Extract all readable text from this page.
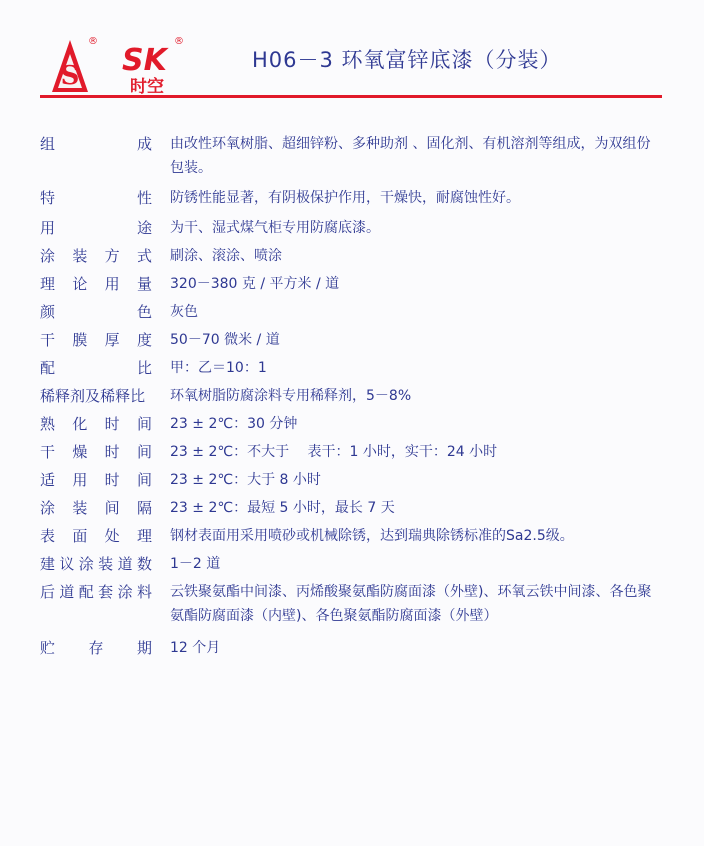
S
®
SK
®
时空
H06－3 环氧富锌底漆（分装）
组	成 由改性环氧树脂、超细锌粉、多种助剂 、固化剂、有机溶剂等组成，为双组份包装。
特	性 防锈性能显著，有阴极保护作用，干燥快，耐腐蚀性好。
用	途 为干、湿式煤气柜专用防腐底漆。
涂 装 方 式 刷涂、滚涂、喷涂
理 论 用 量 320－380 克 / 平方米 / 道
颜	色 灰色
干 膜 厚 度 50－70 微米 / 道
配	比 甲：乙＝10：1
稀 释 剂 及 稀 释 比 环氧树脂防腐涂料专用稀释剂，5－8%
熟 化 时 间 23 ± 2℃：30 分钟
干 燥 时 间 23 ± 2℃：不大于　 表干：1 小时，实干：24 小时
适 用 时 间 23 ± 2℃：大于 8 小时
涂 装 间 隔 23 ± 2℃：最短 5 小时，最长 7 天
表 面 处 理 钢材表面用采用喷砂或机械除锈，达到瑞典除锈标准的Sa2.5级。
建 议 涂 装 道 数 1－2 道
后 道 配 套 涂 料 云铁聚氨酯中间漆、丙烯酸聚氨酯防腐面漆（外壁)、环氧云铁中间漆、各色聚氨酯防腐面漆（内壁)、各色聚氨酯防腐面漆（外壁）
贮 存 期 12 个月
